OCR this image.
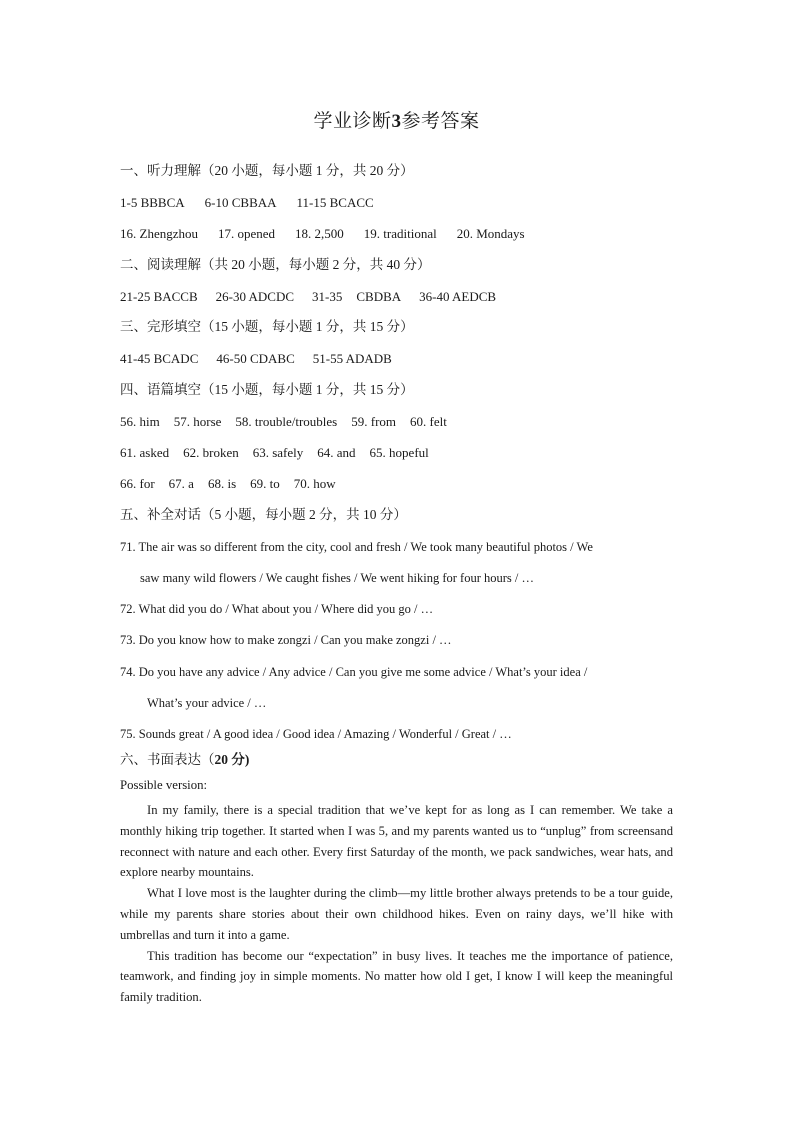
学业诊断3参考答案
一、听力理解（20 小题，每小题 1 分，共 20 分）
1-5 BBBCA 6-10 CBBAA 11-15 BCACC
16. Zhengzhou 17. opened 18. 2,500 19. traditional 20. Mondays
二、阅读理解（共 20 小题，每小题 2 分，共 40 分）
21-25 BACCB 26-30 ADCDC 31-35 CBDBA 36-40 AEDCB
三、完形填空（15 小题，每小题 1 分，共 15 分）
41-45 BCADC 46-50 CDABC 51-55 ADADB
四、语篇填空（15 小题，每小题 1 分，共 15 分）
56. him 57. horse 58. trouble/troubles 59. from 60. felt
61. asked 62. broken 63. safely 64. and 65. hopeful
66. for 67. a 68. is 69. to 70. how
五、补全对话（5 小题，每小题 2 分，共 10 分）
71. The air was so different from the city, cool and fresh / We took many beautiful photos / We
saw many wild flowers / We caught fishes / We went hiking for four hours / …
72. What did you do / What about you / Where did you go / …
73. Do you know how to make zongzi / Can you make zongzi / …
74. Do you have any advice / Any advice / Can you give me some advice / What’s your idea /
What’s your advice / …
75. Sounds great / A good idea / Good idea / Amazing / Wonderful / Great / …
六、书面表达（20 分)
Possible version:

In my family, there is a special tradition that we’ve kept for as long as I can remember. We take a monthly hiking trip together. It started when I was 5, and my parents wanted us to “unplug” from screensand reconnect with nature and each other. Every first Saturday of the month, we pack sandwiches, wear hats, and explore nearby mountains.

What I love most is the laughter during the climb—my little brother always pretends to be a tour guide, while my parents share stories about their own childhood hikes. Even on rainy days, we’ll hike with umbrellas and turn it into a game.

This tradition has become our “expectation” in busy lives. It teaches me the importance of patience, teamwork, and finding joy in simple moments. No matter how old I get, I know I will keep the meaningful family tradition.
